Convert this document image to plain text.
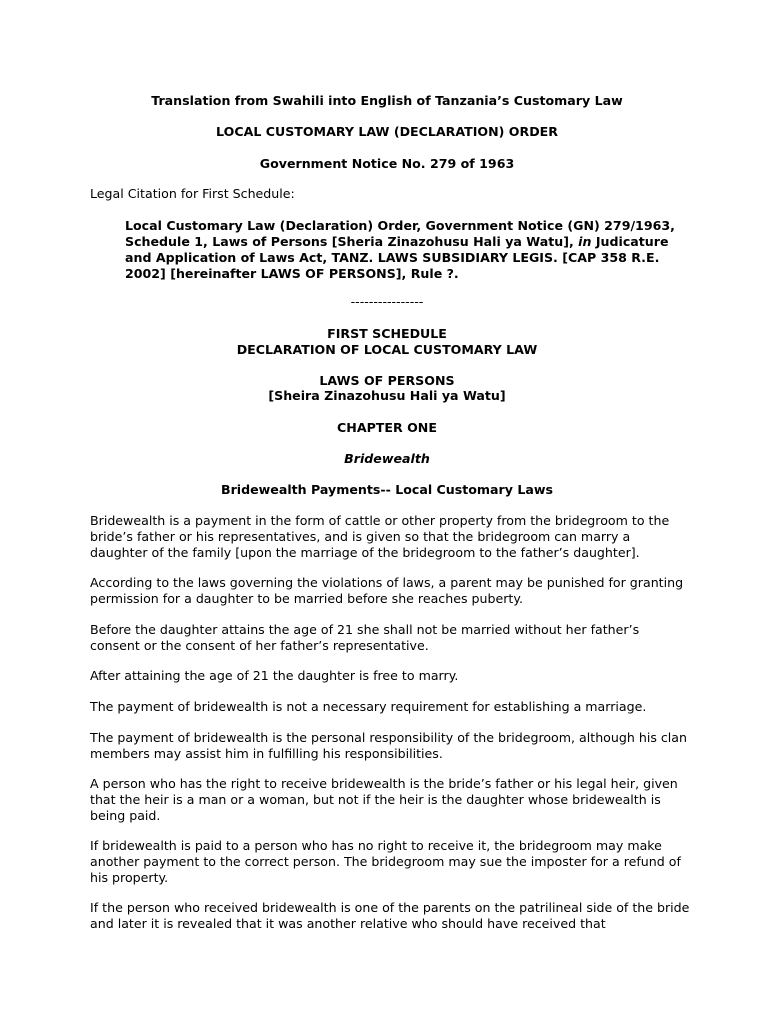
Translation from Swahili into English of Tanzania’s Customary Law
LOCAL CUSTOMARY LAW (DECLARATION) ORDER
Government Notice No. 279 of 1963
Legal Citation for First Schedule:

Local Customary Law (Declaration) Order, Government Notice (GN) 279/1963, Schedule 1, Laws of Persons [Sheria Zinazohusu Hali ya Watu], in Judicature and Application of Laws Act, TANZ. LAWS SUBSIDIARY LEGIS. [CAP 358 R.E. 2002] [hereinafter LAWS OF PERSONS], Rule ?.

----------------
FIRST SCHEDULE
DECLARATION OF LOCAL CUSTOMARY LAW
LAWS OF PERSONS
[Sheira Zinazohusu Hali ya Watu]
CHAPTER ONE
Bridewealth
Bridewealth Payments-- Local Customary Laws

Bridewealth is a payment in the form of cattle or other property from the bridegroom to the bride’s father or his representatives, and is given so that the bridegroom can marry a daughter of the family [upon the marriage of the bridegroom to the father’s daughter].

According to the laws governing the violations of laws, a parent may be punished for granting permission for a daughter to be married before she reaches puberty.

Before the daughter attains the age of 21 she shall not be married without her father’s consent or the consent of her father’s representative.

After attaining the age of 21 the daughter is free to marry.

The payment of bridewealth is not a necessary requirement for establishing a marriage.

The payment of bridewealth is the personal responsibility of the bridegroom, although his clan members may assist him in fulfilling his responsibilities.

A person who has the right to receive bridewealth is the bride’s father or his legal heir, given that the heir is a man or a woman, but not if the heir is the daughter whose bridewealth is being paid.

If bridewealth is paid to a person who has no right to receive it, the bridegroom may make another payment to the correct person. The bridegroom may sue the imposter for a refund of his property.

If the person who received bridewealth is one of the parents on the patrilineal side of the bride and later it is revealed that it was another relative who should have received that
